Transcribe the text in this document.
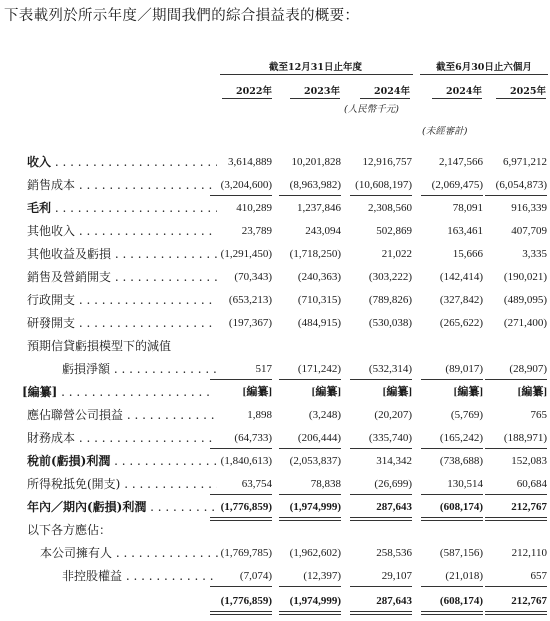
下表載列於所示年度／期間我們的綜合損益表的概要：
截至12月31日止年度	截至6月30日止六個月
2022年	2023年	2024年	2024年	2025年
(人民幣千元)
(未經審計)
收入 . . .	3,614,889	10,201,828	12,916,757	2,147,566	6,971,212
銷售成本 . . .	(3,204,600)	(8,963,982)	(10,608,197)	(2,069,475)	(6,054,873)
毛利 . . .	410,289	1,237,846	2,308,560	78,091	916,339
其他收入 . . .	23,789	243,094	502,869	163,461	407,709
其他收益及虧損 . . .	(1,291,450)	(1,718,250)	21,022	15,666	3,335
銷售及營銷開支 . . .	(70,343)	(240,363)	(303,222)	(142,414)	(190,021)
行政開支 . . .	(653,213)	(710,315)	(789,826)	(327,842)	(489,095)
研發開支 . . .	(197,367)	(484,915)	(530,038)	(265,622)	(271,400)
預期信貸虧損模型下的減值
虧損淨額 . . .	517	(171,242)	(532,314)	(89,017)	(28,907)
[編纂] . . .	[編纂]	[編纂]	[編纂]	[編纂]	[編纂]
應佔聯營公司損益 . . .	1,898	(3,248)	(20,207)	(5,769)	765
財務成本 . . .	(64,733)	(206,444)	(335,740)	(165,242)	(188,971)
稅前(虧損)利潤 . . .	(1,840,613)	(2,053,837)	314,342	(738,688)	152,083
所得稅抵免(開支) . . .	63,754	78,838	(26,699)	130,514	60,684
年內／期內(虧損)利潤 . . .	(1,776,859)	(1,974,999)	287,643	(608,174)	212,767
以下各方應佔：
本公司擁有人 . . .	(1,769,785)	(1,962,602)	258,536	(587,156)	212,110
非控股權益 . . .	(7,074)	(12,397)	29,107	(21,018)	657
(1,776,859)	(1,974,999)	287,643	(608,174)	212,767
